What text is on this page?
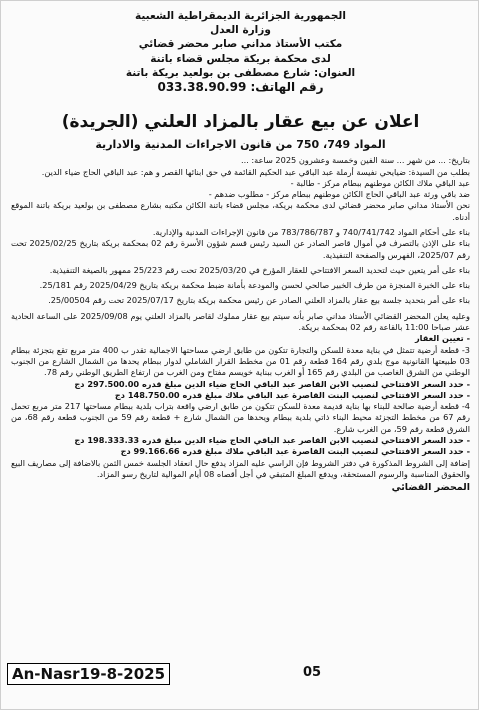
الجمهورية الجزائرية الديمقراطية الشعبية
وزارة العدل
مكتب الأستاذ مداني صابر محضر قضائي
لدى محكمة بريكة مجلس قضاء باتنة
العنوان: شارع مصطفى بن بولعيد بريكة باتنة
رقم الهاتف: 033.38.90.99
اعلان عن بيع عقار بالمزاد العلني (الجريدة)
المواد 749، 750 من قانون الاجراءات المدنية والادارية

بتاريخ: ... من شهر ... سنة الفين وخمسة وعشرون 2025 ساعة: ...

بطلب من السيدة: ضيايحي نفيسة أرملة عبد الباقي عبد الحكيم القائمة في حق ابنائها القصر و هم: عبد الباقي الحاج ضياء الدين.

عبد الباقي ملاك الكائن موطنهم ببطام مركز - طالبة -

ضد باقي ورثة عبد الباقي الحاج الكائن موطنهم ببطام مركز - مطلوب ضدهم -

نحن الأستاذ مداني صابر محضر قضائي لدى محكمة بريكة، مجلس قضاء باتنة الكائن مكتبه بشارع مصطفى بن بولعيد بريكة باتنة الموقع أدناه.

بناء على أحكام المواد 740/741/742 و 783/786/787 من قانون الإجراءات المدنية والإدارية.

بناء على الإذن بالتصرف في أموال قاصر الصادر عن السيد رئيس قسم شؤون الأسرة رقم 02 بمحكمة بريكة بتاريخ 2025/02/25 تحت رقم 2025/07، الفهرس والصفحة التنفيذية.

بناء على أمر يتعين حيث لتحديد السعر الافتتاحي للعقار المؤرخ في 2025/03/20 تحت رقم 25/223 ممهور بالصيغة التنفيذية.

بناء على الخبرة المنجزة من طرف الخبير صالحي لحسن والمودعة بأمانة ضبط محكمة بريكة بتاريخ 2025/04/29 رقم 25/181.

بناء على أمر بتحديد جلسة بيع عقار بالمزاد العلني الصادر عن رئيس محكمة بريكة بتاريخ 2025/07/17 تحت رقم 25/00504.

وعليه يعلن المحضر القضائي الأستاذ مداني صابر بأنه سيتم بيع عقار مملوك لقاصر بالمزاد العلني يوم 2025/09/08 على الساعة الحادية عشر صباحا 11:00 بالقاعة رقم 02 بمحكمة بريكة.

- تعيين العقار

3- قطعة أرضية تتمثل في بناية معدة للسكن والتجارة تتكون من طابق ارضي مساحتها الاجمالية تقدر ب 400 متر مربع تقع بتجزئة ببطام 03 طبيعتها القانونية موج بلدي رقم 164 قطعة رقم 01 من مخطط القرار الشاملي لدوار ببطام يحدها من الشمال الشارع من الجنوب الوطني من الشرق الغاصب من البلدي رقم 165 أو الغرب ببناية خويسم مفتاح ومن الغرب من ارتفاع الطريق الوطني رقم 78.

- حدد السعر الافتتاحي لنصيب الابن القاصر عبد الباقي الحاج ضياء الدين مبلغ قدره 297.500.00 دج

- حدد السعر الافتتاحي لنصيب البنت القاصرة عبد الباقي ملاك مبلغ قدره 148.750.00 دج

4- قطعة أرضية صالحة للبناء بها بناية قديمة معدة للسكن تتكون من طابق ارضي واقعة بتراب بلدية ببطام مساحتها 217 متر مربع تحمل رقم 67 من مخطط التجزئة محيط البناء ذاتي بلدية ببطام ويحدها من الشمال شارع + قطعة رقم 59 من الجنوب قطعة رقم 68، من الشرق قطعة رقم 59، من الغرب شارع.

- حدد السعر الافتتاحي لنصيب الابن القاصر عبد الباقي الحاج ضياء الدين مبلغ قدره 198.333.33 دج

- حدد السعر الافتتاحي لنصيب البنت القاصرة عبد الباقي ملاك مبلغ قدره 99.166.66 دج

إضافة إلى الشروط المذكورة في دفتر الشروط فإن الراسي عليه المزاد يدفع حال انعقاد الجلسة خمس الثمن بالاضافة إلى مصاريف البيع والحقوق المناسبة والرسوم المستحقة، ويدفع المبلغ المتبقي في أجل أقصاه 08 أيام الموالية لتاريخ رسو المزاد.

المحضر القضائي
An-Nasr19-8-2025	05
